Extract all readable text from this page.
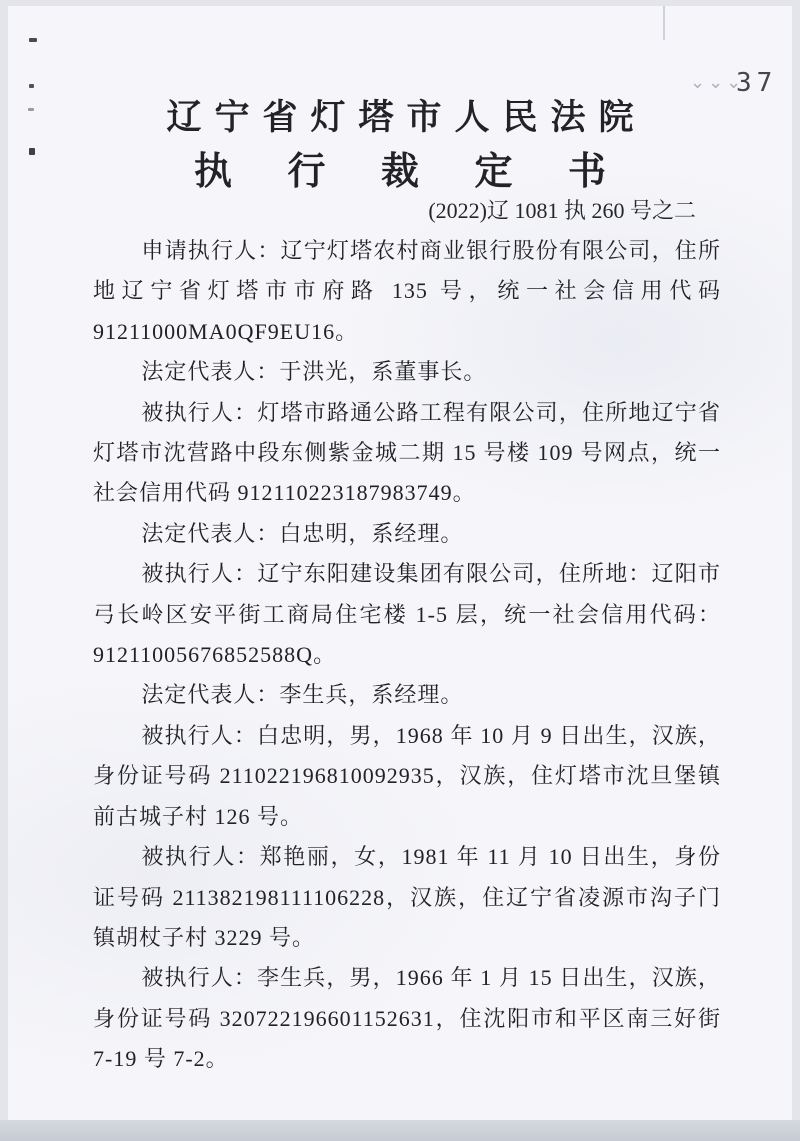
⌄⌄⌄
37
辽宁省灯塔市人民法院
执 行 裁 定 书
(2022)辽 1081 执 260 号之二

申请执行人：辽宁灯塔农村商业银行股份有限公司，住所地辽宁省灯塔市市府路 135 号，统一社会信用代码 91211000MA0QF9EU16。

法定代表人：于洪光，系董事长。

被执行人：灯塔市路通公路工程有限公司，住所地辽宁省灯塔市沈营路中段东侧紫金城二期 15 号楼 109 号网点，统一社会信用代码 912110223187983749。

法定代表人：白忠明，系经理。

被执行人：辽宁东阳建设集团有限公司，住所地：辽阳市弓长岭区安平街工商局住宅楼 1-5 层，统一社会信用代码：91211005676852588Q。

法定代表人：李生兵，系经理。

被执行人：白忠明，男，1968 年 10 月 9 日出生，汉族，身份证号码 211022196810092935，汉族，住灯塔市沈旦堡镇前古城子村 126 号。

被执行人：郑艳丽，女，1981 年 11 月 10 日出生，身份证号码 211382198111106228，汉族，住辽宁省凌源市沟子门镇胡杖子村 3229 号。

被执行人：李生兵，男，1966 年 1 月 15 日出生，汉族，身份证号码 320722196601152631，住沈阳市和平区南三好街 7-19 号 7-2。
